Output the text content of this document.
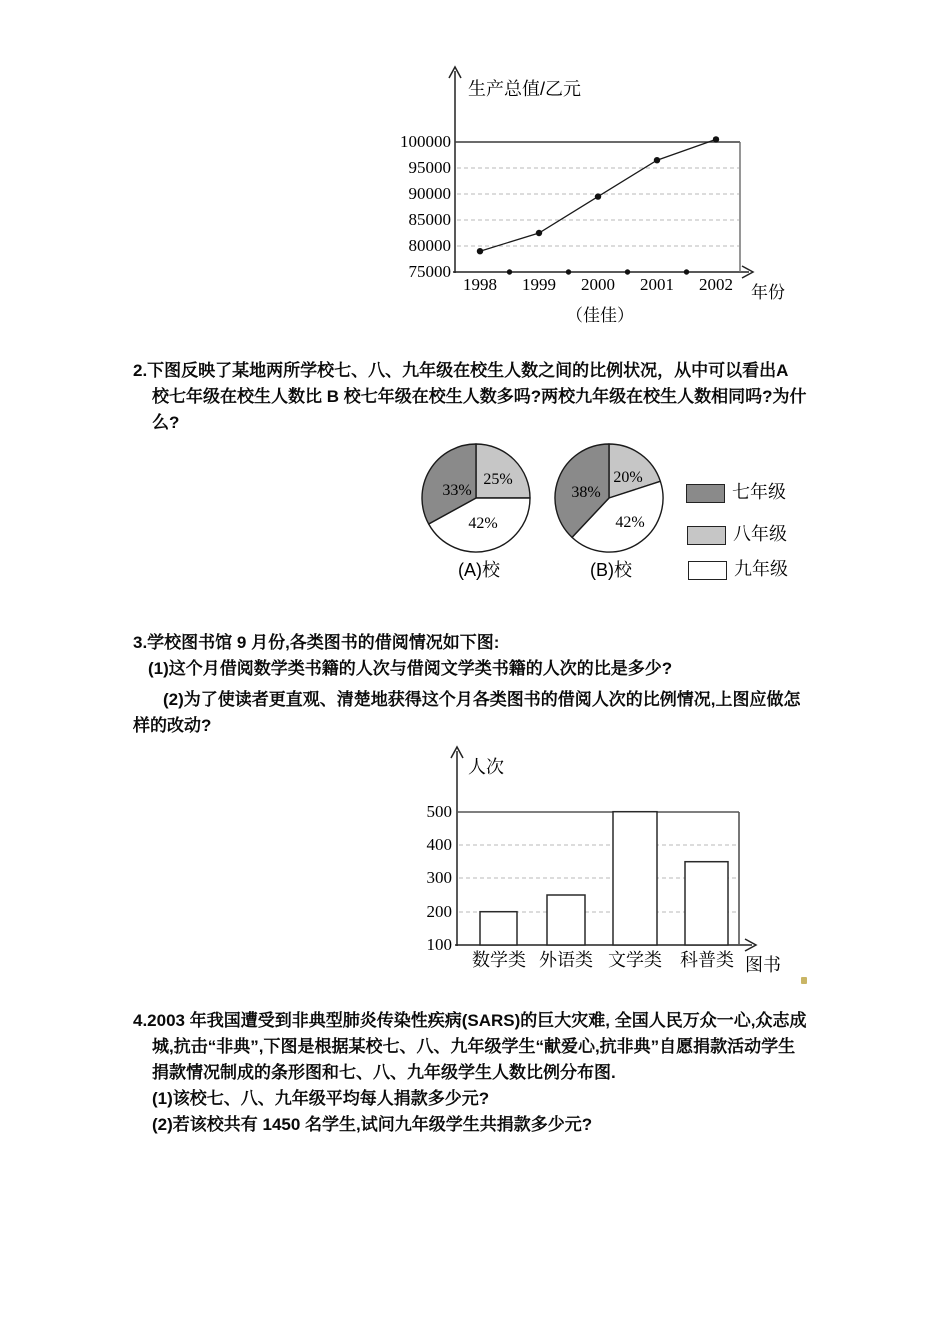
生产总值/乙元
100000
95000
90000
85000
80000
75000
1998	1999	2000	2001	2002	年份
（佳佳）
2.下图反映了某地两所学校七、八、九年级在校生人数之间的比例状况，从中可以看出A
校七年级在校生人数比 B 校七年级在校生人数多吗?两校九年级在校生人数相同吗?为什
么?
33%
25%
42%
38%
20%
42%
(A)校	(B)校
七年级
八年级
九年级
3.学校图书馆 9 月份,各类图书的借阅情况如下图:
(1)这个月借阅数学类书籍的人次与借阅文学类书籍的人次的比是多少?
(2)为了使读者更直观、清楚地获得这个月各类图书的借阅人次的比例情况,上图应做怎
样的改动?
人次
500
400
300
200
100
数学类 外语类 文学类	科普类 图书
4.2003 年我国遭受到非典型肺炎传染性疾病(SARS)的巨大灾难, 全国人民万众一心,众志成
城,抗击“非典”,下图是根据某校七、八、九年级学生“献爱心,抗非典”自愿捐款活动学生
捐款情况制成的条形图和七、八、九年级学生人数比例分布图.
(1)该校七、八、九年级平均每人捐款多少元?
(2)若该校共有 1450 名学生,试问九年级学生共捐款多少元?
